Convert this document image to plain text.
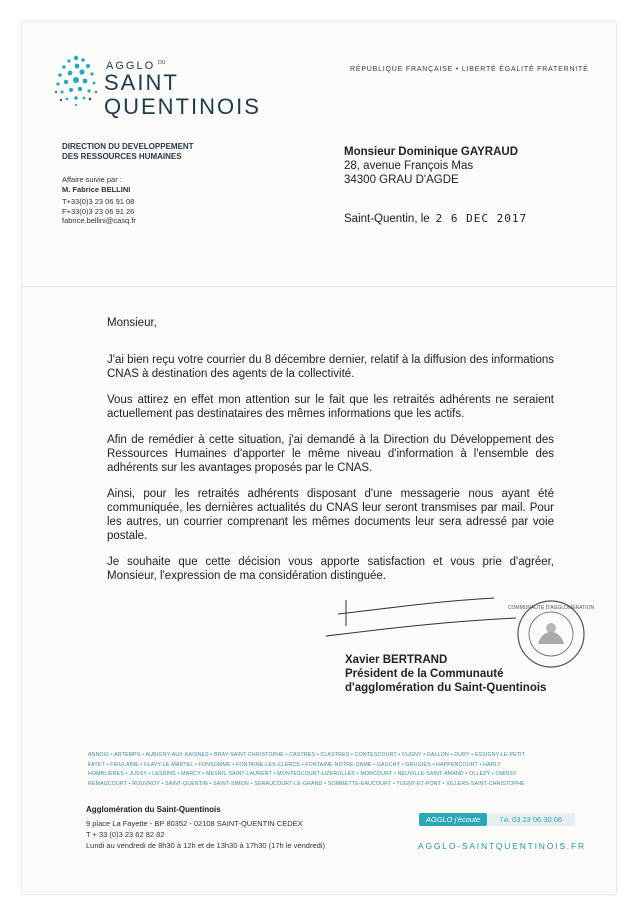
AGGLO $^{DU}$
SAINT
QUENTINOIS
RÉPUBLIQUE FRANÇAISE • LIBERTÉ ÉGALITÉ FRATERNITÉ
DIRECTION DU DEVELOPPEMENT
DES RESSOURCES HUMAINES
Affaire suivie par :
M. Fabrice BELLINI
T+33(0)3 23 06 91 08
F+33(0)3 23 06 91 26
fabrice.bellini@casq.fr
Monsieur Dominique GAYRAUD
28, avenue François Mas
34300 GRAU D'AGDE
Saint-Quentin, le 2 6 DEC 2017

Monsieur,

J'ai bien reçu votre courrier du 8 décembre dernier, relatif à la diffusion des informations CNAS à destination des agents de la collectivité.

Vous attirez en effet mon attention sur le fait que les retraités adhérents ne seraient actuellement pas destinataires des mêmes informations que les actifs.

Afin de remédier à cette situation, j'ai demandé à la Direction du Développement des Ressources Humaines d'apporter le même niveau d'information à l'ensemble des adhérents sur les avantages proposés par le CNAS.

Ainsi, pour les retraités adhérents disposant d'une messagerie nous ayant été communiquée, les dernières actualités du CNAS leur seront transmises par mail. Pour les autres, un courrier comprenant les mêmes documents leur sera adressé par voie postale.

Je souhaite que cette décision vous apporte satisfaction et vous prie d'agréer, Monsieur, l'expression de ma considération distinguée.

COMMUNAUTÉ D'AGGLOMÉRATION
Xavier BERTRAND
Président de la Communauté
d'agglomération du Saint-Quentinois
ANNOIS • ARTEMPS • AUBIGNY-AUX-KAISNES • BRAY-SAINT-CHRISTOPHE • CASTRES • CLASTRES • CONTESCOURT • CUGNY • DALLON • DURY • ESSIGNY-LE-PETIT
FAYET • FIEULAINE • FLAVY-LE-MARTEL • FONSOMME • FONTAINE-LES-CLERCS • FONTAINE-NOTRE-DAME • GAUCHY • GRUGIES • HAPPENCOURT • HARLY
HOMBLIÈRES • JUSSY • LESDINS • MARCY • MESNIL-SAINT-LAURENT • MONTESCOURT-LIZEROLLES • MORCOURT • NEUVILLE-SAINT-AMAND • OLLEZY • OMISSY
REMAUCOURT • ROUVROY • SAINT-QUENTIN • SAINT-SIMON • SERAUCOURT-LE-GRAND • SOMMETTE-EAUCOURT • TUGNY-ET-PONT • VILLERS-SAINT-CHRISTOPHE
Agglomération du Saint-Quentinois
9 place La Fayette - BP 80352 - 02108 SAINT-QUENTIN CEDEX
T + 33 (0)3 23 62 82 82
Lundi au vendredi de 8h30 à 12h et de 13h30 à 17h30 (17h le vendredi)
AGGLO j'écoute	Tél. 03 23 06 30 06
AGGLO-SAINTQUENTINOIS.FR
